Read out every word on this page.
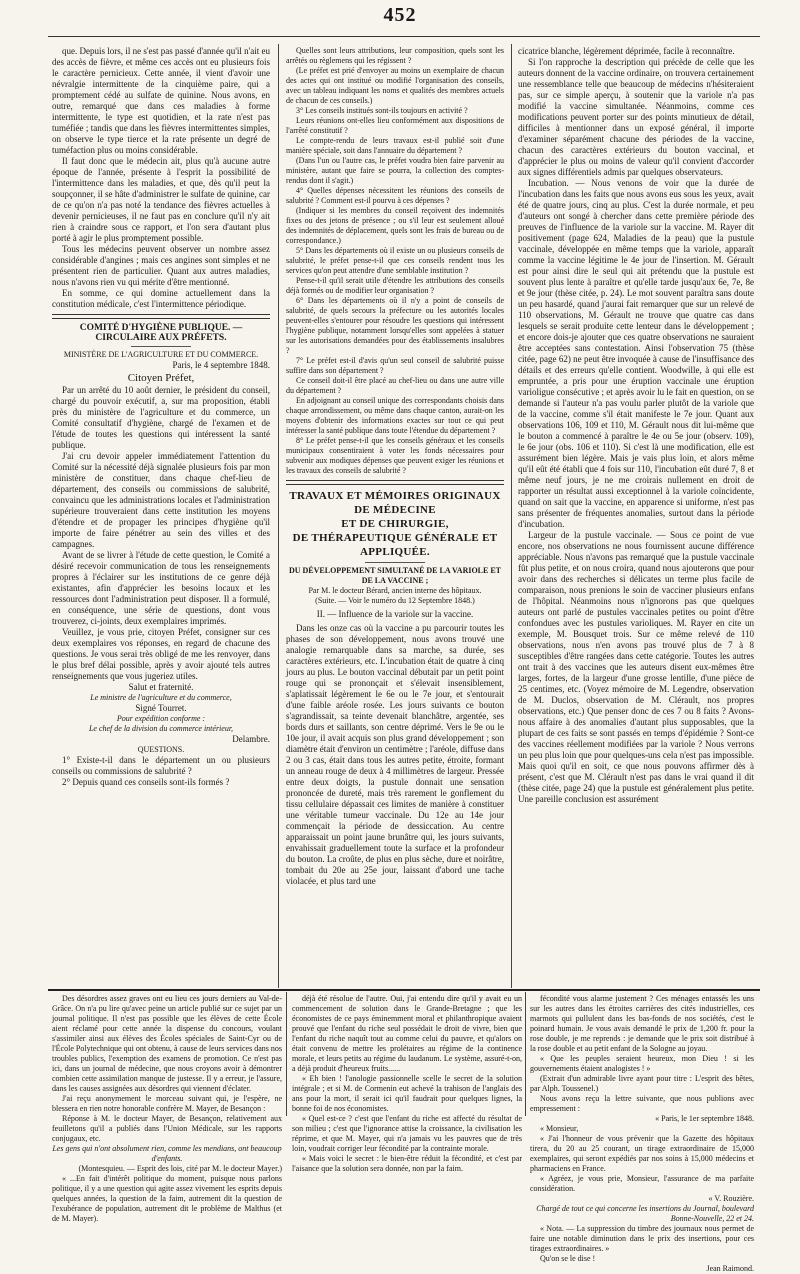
452

que. Depuis lors, il ne s'est pas passé d'année qu'il n'ait eu des accès de fièvre, et même ces accès ont eu plusieurs fois le caractère pernicieux. Cette année, il vient d'avoir une névralgie intermittente de la cinquième paire, qui a promptement cédé au sulfate de quinine. Nous avons, en outre, remarqué que dans ces maladies à forme intermittente, le type est quotidien, et la rate n'est pas tuméfiée ; tandis que dans les fièvres intermittentes simples, on observe le type tierce et la rate présente un degré de tuméfaction plus ou moins considérable.

Il faut donc que le médecin ait, plus qu'à aucune autre époque de l'année, présente à l'esprit la possibilité de l'intermittence dans les maladies, et que, dès qu'il peut la soupçonner, il se hâte d'administrer le sulfate de quinine, car de ce qu'on n'a pas noté la tendance des fièvres actuelles à devenir pernicieuses, il ne faut pas en conclure qu'il n'y ait rien à craindre sous ce rapport, et l'on sera d'autant plus porté à agir le plus promptement possible.

Tous les médecins peuvent observer un nombre assez considérable d'angines ; mais ces angines sont simples et ne présentent rien de particulier. Quant aux autres maladies, nous n'avons rien vu qui mérite d'être mentionné.

En somme, ce qui domine actuellement dans la constitution médicale, c'est l'intermittence périodique.

COMITÉ D'HYGIÈNE PUBLIQUE. — CIRCULAIRE AUX PRÉFETS.

MINISTÈRE DE L'AGRICULTURE ET DU COMMERCE.

Paris, le 4 septembre 1848.

Citoyen Préfet,

Par un arrêté du 10 août dernier, le président du conseil, chargé du pouvoir exécutif, a, sur ma proposition, établi près du ministère de l'agriculture et du commerce, un Comité consultatif d'hygiène, chargé de l'examen et de l'étude de toutes les questions qui intéressent la santé publique.

J'ai cru devoir appeler immédiatement l'attention du Comité sur la nécessité déjà signalée plusieurs fois par mon ministère de constituer, dans chaque chef-lieu de département, des conseils ou commissions de salubrité, convaincu que les administrations locales et l'administration supérieure trouveraient dans cette institution les moyens d'étendre et de propager les principes d'hygiène qu'il importe de faire pénétrer au sein des villes et des campagnes.

Avant de se livrer à l'étude de cette question, le Comité a désiré recevoir communication de tous les renseignements propres à l'éclairer sur les institutions de ce genre déjà existantes, afin d'apprécier les besoins locaux et les ressources dont l'administration peut disposer. Il a formulé, en conséquence, une série de questions, dont vous trouverez, ci-joints, deux exemplaires imprimés.

Veuillez, je vous prie, citoyen Préfet, consigner sur ces deux exemplaires vos réponses, en regard de chacune des questions. Je vous serai très obligé de me les renvoyer, dans le plus bref délai possible, après y avoir ajouté tels autres renseignements que vous jugeriez utiles.

Salut et fraternité.

Le ministre de l'agriculture et du commerce,

Signé Tourret.

Pour expédition conforme :

Le chef de la division du commerce intérieur,

Delambre.

QUESTIONS.

1° Existe-t-il dans le département un ou plusieurs conseils ou commissions de salubrité ?

2° Depuis quand ces conseils sont-ils formés ?

Quelles sont leurs attributions, leur composition, quels sont les arrêtés ou règlemens qui les régissent ?

(Le préfet est prié d'envoyer au moins un exemplaire de chacun des actes qui ont institué ou modifié l'organisation des conseils, avec un tableau indiquant les noms et qualités des membres actuels de chacun de ces conseils.)

3° Les conseils institués sont-ils toujours en activité ?

Leurs réunions ont-elles lieu conformément aux dispositions de l'arrêté constitutif ?

Le compte-rendu de leurs travaux est-il publié soit d'une manière spéciale, soit dans l'annuaire du département ?

(Dans l'un ou l'autre cas, le préfet voudra bien faire parvenir au ministère, autant que faire se pourra, la collection des comptes-rendus dont il s'agit.)

4° Quelles dépenses nécessitent les réunions des conseils de salubrité ? Comment est-il pourvu à ces dépenses ?

(Indiquer si les membres du conseil reçoivent des indemnités fixes ou des jetons de présence ; ou s'il leur est seulement alloué des indemnités de déplacement, quels sont les frais de bureau ou de correspondance.)

5° Dans les départements où il existe un ou plusieurs conseils de salubrité, le préfet pense-t-il que ces conseils rendent tous les services qu'on peut attendre d'une semblable institution ?

Pense-t-il qu'il serait utile d'étendre les attributions des conseils déjà formés ou de modifier leur organisation ?

6° Dans les départements où il n'y a point de conseils de salubrité, de quels secours la préfecture ou les autorités locales peuvent-elles s'entourer pour résoudre les questions qui intéressent l'hygiène publique, notamment lorsqu'elles sont appelées à statuer sur les autorisations demandées pour des établissements insalubres ?

7° Le préfet est-il d'avis qu'un seul conseil de salubrité puisse suffire dans son département ?

Ce conseil doit-il être placé au chef-lieu ou dans une autre ville du département ?

En adjoignant au conseil unique des correspondants choisis dans chaque arrondissement, ou même dans chaque canton, aurait-on les moyens d'obtenir des informations exactes sur tout ce qui peut intéresser la santé publique dans toute l'étendue du département ?

8° Le préfet pense-t-il que les conseils généraux et les conseils municipaux consentiraient à voter les fonds nécessaires pour subvenir aux modiques dépenses que peuvent exiger les réunions et les travaux des conseils de salubrité ?

TRAVAUX ET MÉMOIRES ORIGINAUX DE MÉDECINE

ET DE CHIRURGIE,

DE THÉRAPEUTIQUE GÉNÉRALE ET APPLIQUÉE.

DU DÉVELOPPEMENT SIMULTANÉ DE LA VARIOLE ET DE LA VACCINE ;

Par M. le docteur Bérard, ancien interne des hôpitaux.

(Suite. — Voir le numéro du 12 Septembre 1848.)

II. — Influence de la variole sur la vaccine.

Dans les onze cas où la vaccine a pu parcourir toutes les phases de son développement, nous avons trouvé une analogie remarquable dans sa marche, sa durée, ses caractères extérieurs, etc. L'incubation était de quatre à cinq jours au plus. Le bouton vaccinal débutait par un petit point rouge qui se prononçait et s'élevait insensiblement, s'aplatissait légèrement le 6e ou le 7e jour, et s'entourait d'une faible aréole rosée. Les jours suivants ce bouton s'agrandissait, sa teinte devenait blanchâtre, argentée, ses bords durs et saillants, son centre déprimé. Vers le 9e ou le 10e jour, il avait acquis son plus grand développement ; son diamètre était d'environ un centimètre ; l'aréole, diffuse dans 2 ou 3 cas, était dans tous les autres petite, étroite, formant un anneau rouge de deux à 4 millimètres de largeur. Pressée entre deux doigts, la pustule donnait une sensation prononcée de dureté, mais très rarement le gonflement du tissu cellulaire dépassait ces limites de manière à constituer une véritable tumeur vaccinale. Du 12e au 14e jour commençait la période de dessiccation. Au centre apparaissait un point jaune brunâtre qui, les jours suivants, envahissait graduellement toute la surface et la profondeur du bouton. La croûte, de plus en plus sèche, dure et noirâtre, tombait du 20e au 25e jour, laissant d'abord une tache violacée, et plus tard une

cicatrice blanche, légèrement déprimée, facile à reconnaître.

Si l'on rapproche la description qui précède de celle que les auteurs donnent de la vaccine ordinaire, on trouvera certainement une ressemblance telle que beaucoup de médecins n'hésiteraient pas, sur ce simple aperçu, à soutenir que la variole n'a pas modifié la vaccine simultanée. Néanmoins, comme ces modifications peuvent porter sur des points minutieux de détail, difficiles à mentionner dans un exposé général, il importe d'examiner séparément chacune des périodes de la vaccine, chacun des caractères extérieurs du bouton vaccinal, et d'apprécier le plus ou moins de valeur qu'il convient d'accorder aux signes différentiels admis par quelques observateurs.

Incubation. — Nous venons de voir que la durée de l'incubation dans les faits que nous avons eus sous les yeux, avait été de quatre jours, cinq au plus. C'est la durée normale, et peu d'auteurs ont songé à chercher dans cette première période des preuves de l'influence de la variole sur la vaccine. M. Rayer dit positivement (page 624, Maladies de la peau) que la pustule vaccinale, développée en même temps que la variole, apparaît comme la vaccine légitime le 4e jour de l'insertion. M. Gérault est pour ainsi dire le seul qui ait prétendu que la pustule est souvent plus lente à paraître et qu'elle tarde jusqu'aux 6e, 7e, 8e et 9e jour (thèse citée, p. 24). Le mot souvent paraîtra sans doute un peu hasardé, quand j'aurai fait remarquer que sur un relevé de 110 observations, M. Gérault ne trouve que quatre cas dans lesquels se serait produite cette lenteur dans le développement ; et encore dois-je ajouter que ces quatre observations ne sauraient être acceptées sans contestation. Ainsi l'observation 75 (thèse citée, page 62) ne peut être invoquée à cause de l'insuffisance des détails et des erreurs qu'elle contient. Woodwille, à qui elle est empruntée, a pris pour une éruption vaccinale une éruption varioligue consécutive ; et après avoir lu le fait en question, on se demande si l'auteur n'a pas voulu parler plutôt de la variole que de la vaccine, comme s'il était manifeste le 7e jour. Quant aux observations 106, 109 et 110, M. Gérault nous dit lui-même que le bouton a commencé à paraître le 4e ou 5e jour (observ. 109), le 6e jour (obs. 106 et 110). Si c'est là une modification, elle est assurément bien légère. Mais je vais plus loin, et alors même qu'il eût été établi que 4 fois sur 110, l'incubation eût duré 7, 8 et même neuf jours, je ne me croirais nullement en droit de rapporter un résultat aussi exceptionnel à la variole coïncidente, quand on sait que la vaccine, en apparence si uniforme, n'est pas sans présenter de fréquentes anomalies, surtout dans la période d'incubation.

Largeur de la pustule vaccinale. — Sous ce point de vue encore, nos observations ne nous fournissent aucune différence appréciable. Nous n'avons pas remarqué que la pustule vaccinale fût plus petite, et on nous croira, quand nous ajouterons que pour avoir dans des recherches si délicates un terme plus facile de comparaison, nous prenions le soin de vacciner plusieurs enfans de l'hôpital. Néanmoins nous n'ignorons pas que quelques auteurs ont parlé de pustules vaccinales petites ou point d'être confondues avec les pustules varioliques. M. Rayer en cite un exemple, M. Bousquet trois. Sur ce même relevé de 110 observations, nous n'en avons pas trouvé plus de 7 à 8 susceptibles d'être rangées dans cette catégorie. Toutes les autres ont trait à des vaccines que les auteurs disent eux-mêmes être larges, fortes, de la largeur d'une grosse lentille, d'une pièce de 25 centimes, etc. (Voyez mémoire de M. Legendre, observation de M. Duclos, observation de M. Clérault, nos propres observations, etc.) Que penser donc de ces 7 ou 8 faits ? Avons-nous affaire à des anomalies d'autant plus supposables, que la plupart de ces faits se sont passés en temps d'épidémie ? Sont-ce des vaccines réellement modifiées par la variole ? Nous verrons un peu plus loin que pour quelques-uns cela n'est pas impossible. Mais quoi qu'il en soit, ce que nous pouvons affirmer dès à présent, c'est que M. Clérault n'est pas dans le vrai quand il dit (thèse citée, page 24) que la pustule est généralement plus petite. Une pareille conclusion est assurément

Des désordres assez graves ont eu lieu ces jours derniers au Val-de-Grâce. On n'a pu lire qu'avec peine un article publié sur ce sujet par un journal politique. Il n'est pas possible que les élèves de cette École aient réclamé pour cette année la dispense du concours, voulant s'assimiler ainsi aux élèves des Écoles spéciales de Saint-Cyr ou de l'École Polytechnique qui ont obtenu, à cause de leurs services dans nos troubles publics, l'exemption des examens de promotion. Ce n'est pas ici, dans un journal de médecine, que nous croyons avoir à démontrer combien cette assimilation manque de justesse. Il y a erreur, je l'assure, dans les causes assignées aux désordres qui viennent d'éclater.

J'ai reçu anonymement le morceau suivant qui, je l'espère, ne blessera en rien notre honorable confrère M. Mayer, de Besançon :

Réponse à M. le docteur Mayer, de Besançon, relativement aux feuilletons qu'il a publiés dans l'Union Médicale, sur les rapports conjugaux, etc.

Les gens qui n'ont absolument rien, comme les mendians, ont beaucoup d'enfants.

(Montesquieu. — Esprit des lois, cité par M. le docteur Mayer.)

« ...En fait d'intérêt politique du moment, puisque nous parlons politique, il y a une question qui agite assez vivement les esprits depuis quelques années, la question de la faim, autrement dit la question de l'exubérance de population, autrement dit le problème de Malthus (et de M. Mayer).

déjà été résolue de l'autre. Oui, j'ai entendu dire qu'il y avait eu un commencement de solution dans le Grande-Bretagne ; que les économistes de ce pays éminemment moral et philanthropique avaient prouvé que l'enfant du riche seul possédait le droit de vivre, bien que l'enfant du riche naquît tout au comme celui du pauvre, et qu'alors on était convenu de mettre les prolétaires au régime de la continence morale, et leurs petits au régime du laudanum. Le système, assuré-t-on, a déjà produit d'heureux fruits......

« Eh bien ! l'anologie passionnelle scelle le secret de la solution intégrale ; et si M. de Cormenin eut achevé la trahison de l'anglais des ans pour la mort, il serait ici qu'il faudrait pour quelques lignes, la bonne foi de nos économistes.

« Quel est-ce ? c'est que l'enfant du riche est affecté du résultat de son milieu ; c'est que l'ignorance attise la croissance, la civilisation les réprime, et que M. Mayer, qui n'a jamais vu les pauvres que de très loin, voudrait corriger leur fécondité par la contrainte morale.

« Mais voici le secret : le bien-être réduit la fécondité, et c'est par l'aisance que la solution sera donnée, non par la faim.

fécondité vous alarme justement ? Ces ménages entassés les uns sur les autres dans les étroites carrières des cités industrielles, ces marmots qui pullulent dans les bas-fonds de nos sociétés, c'est le poinard humain. Je vous avais demandé le prix de 1,200 fr. pour la rose double, je me reprends : je demande que le prix soit distribué à la rose double et au petit enfant de la Sologne au joyau.

« Que les peuples seraient heureux, mon Dieu ! si les gouvernements étaient analogistes ! »

(Extrait d'un admirable livre ayant pour titre : L'esprit des bêtes, par Alph. Toussenel.)

Nous avons reçu la lettre suivante, que nous publions avec empressement :

« Paris, le 1er septembre 1848.

« Monsieur,

« J'ai l'honneur de vous prévenir que la Gazette des hôpitaux tirera, du 20 au 25 courant, un tirage extraordinaire de 15,000 exemplaires, qui seront expédiés par nos soins à 15,000 médecins et pharmaciens en France.

« Agréez, je vous prie, Monsieur, l'assurance de ma parfaite considération.

« V. Rouzière.

Chargé de tout ce qui concerne les insertions du Journal, boulevard Bonne-Nouvelle, 22 et 24.

« Nota. — La suppression du timbre des journaux nous permet de faire une notable diminution dans le prix des insertions, pour ces tirages extraordinaires. »

Qu'on se le dise !

Jean Raimond.
